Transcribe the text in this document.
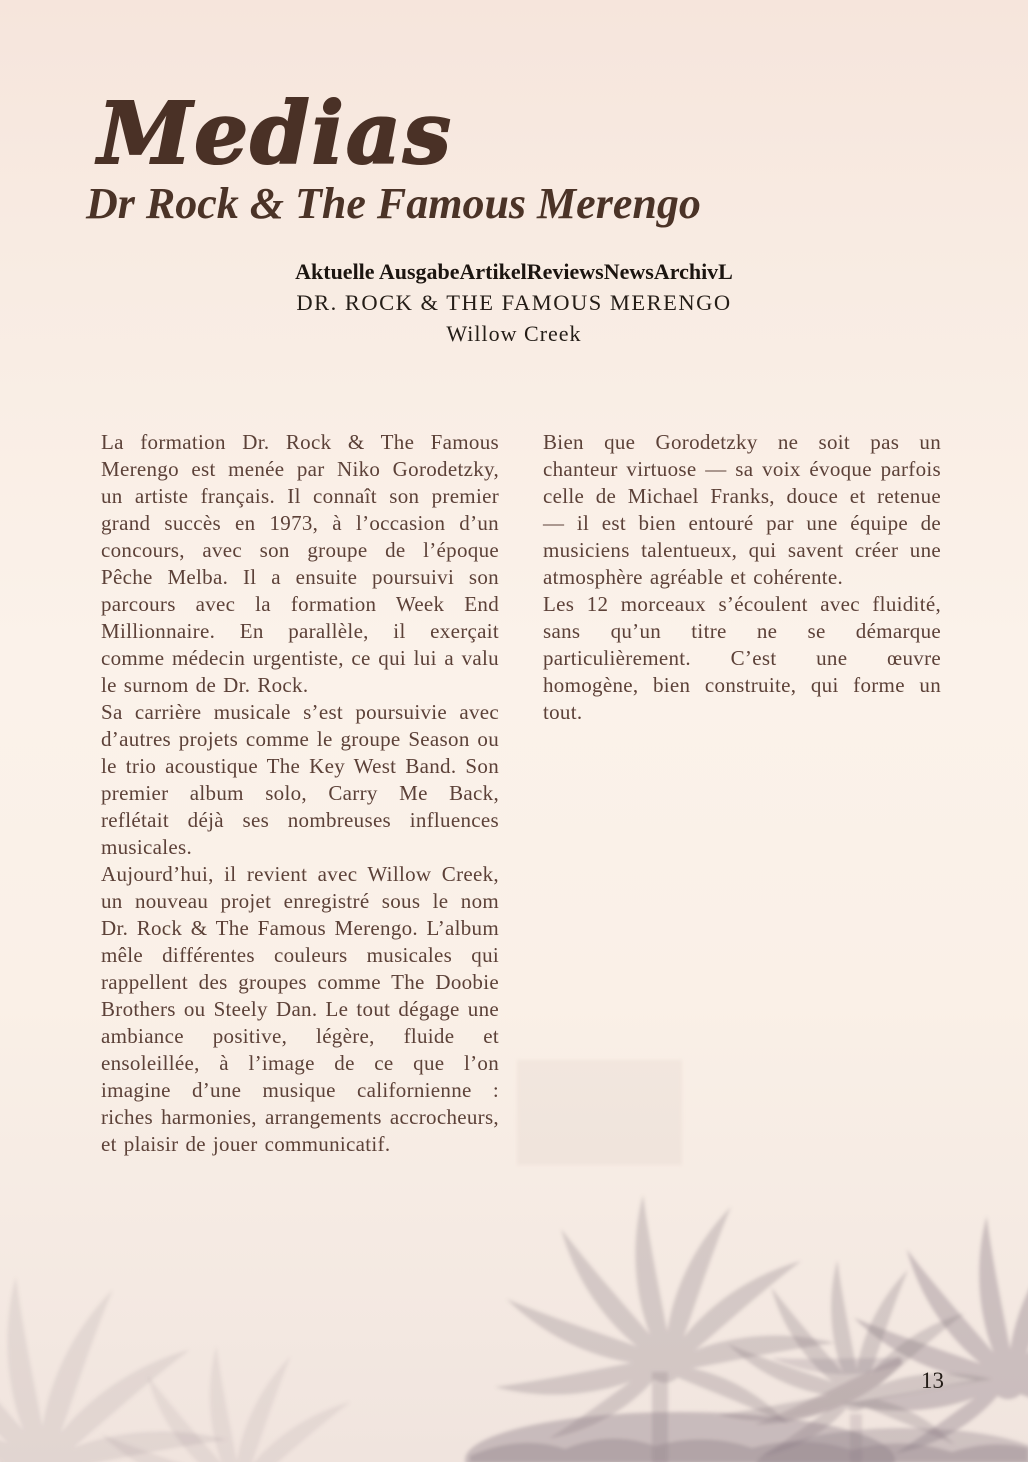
Medias
Dr Rock & The Famous Merengo
Aktuelle AusgabeArtikelReviewsNewsArchivL
DR. ROCK & THE FAMOUS MERENGO
Willow Creek

La formation Dr. Rock & The Famous Merengo est menée par Niko Gorodetzky, un artiste français. Il connaît son premier grand succès en 1973, à l’occasion d’un concours, avec son groupe de l’époque Pêche Melba. Il a ensuite poursuivi son parcours avec la formation Week End Millionnaire. En parallèle, il exerçait comme médecin urgentiste, ce qui lui a valu le surnom de Dr. Rock.

Sa carrière musicale s’est poursuivie avec d’autres projets comme le groupe Season ou le trio acoustique The Key West Band. Son premier album solo, Carry Me Back, reflétait déjà ses nombreuses influences musicales.

Aujourd’hui, il revient avec Willow Creek, un nouveau projet enregistré sous le nom Dr. Rock & The Famous Merengo. L’album mêle différentes couleurs musicales qui rappellent des groupes comme The Doobie Brothers ou Steely Dan. Le tout dégage une ambiance positive, légère, fluide et ensoleillée, à l’image de ce que l’on imagine d’une musique californienne : riches harmonies, arrangements accrocheurs, et plaisir de jouer communicatif.

Bien que Gorodetzky ne soit pas un chanteur virtuose — sa voix évoque parfois celle de Michael Franks, douce et retenue — il est bien entouré par une équipe de musiciens talentueux, qui savent créer une atmosphère agréable et cohérente.

Les 12 morceaux s’écoulent avec fluidité, sans qu’un titre ne se démarque particulièrement. C’est une œuvre homogène, bien construite, qui forme un tout.

13
